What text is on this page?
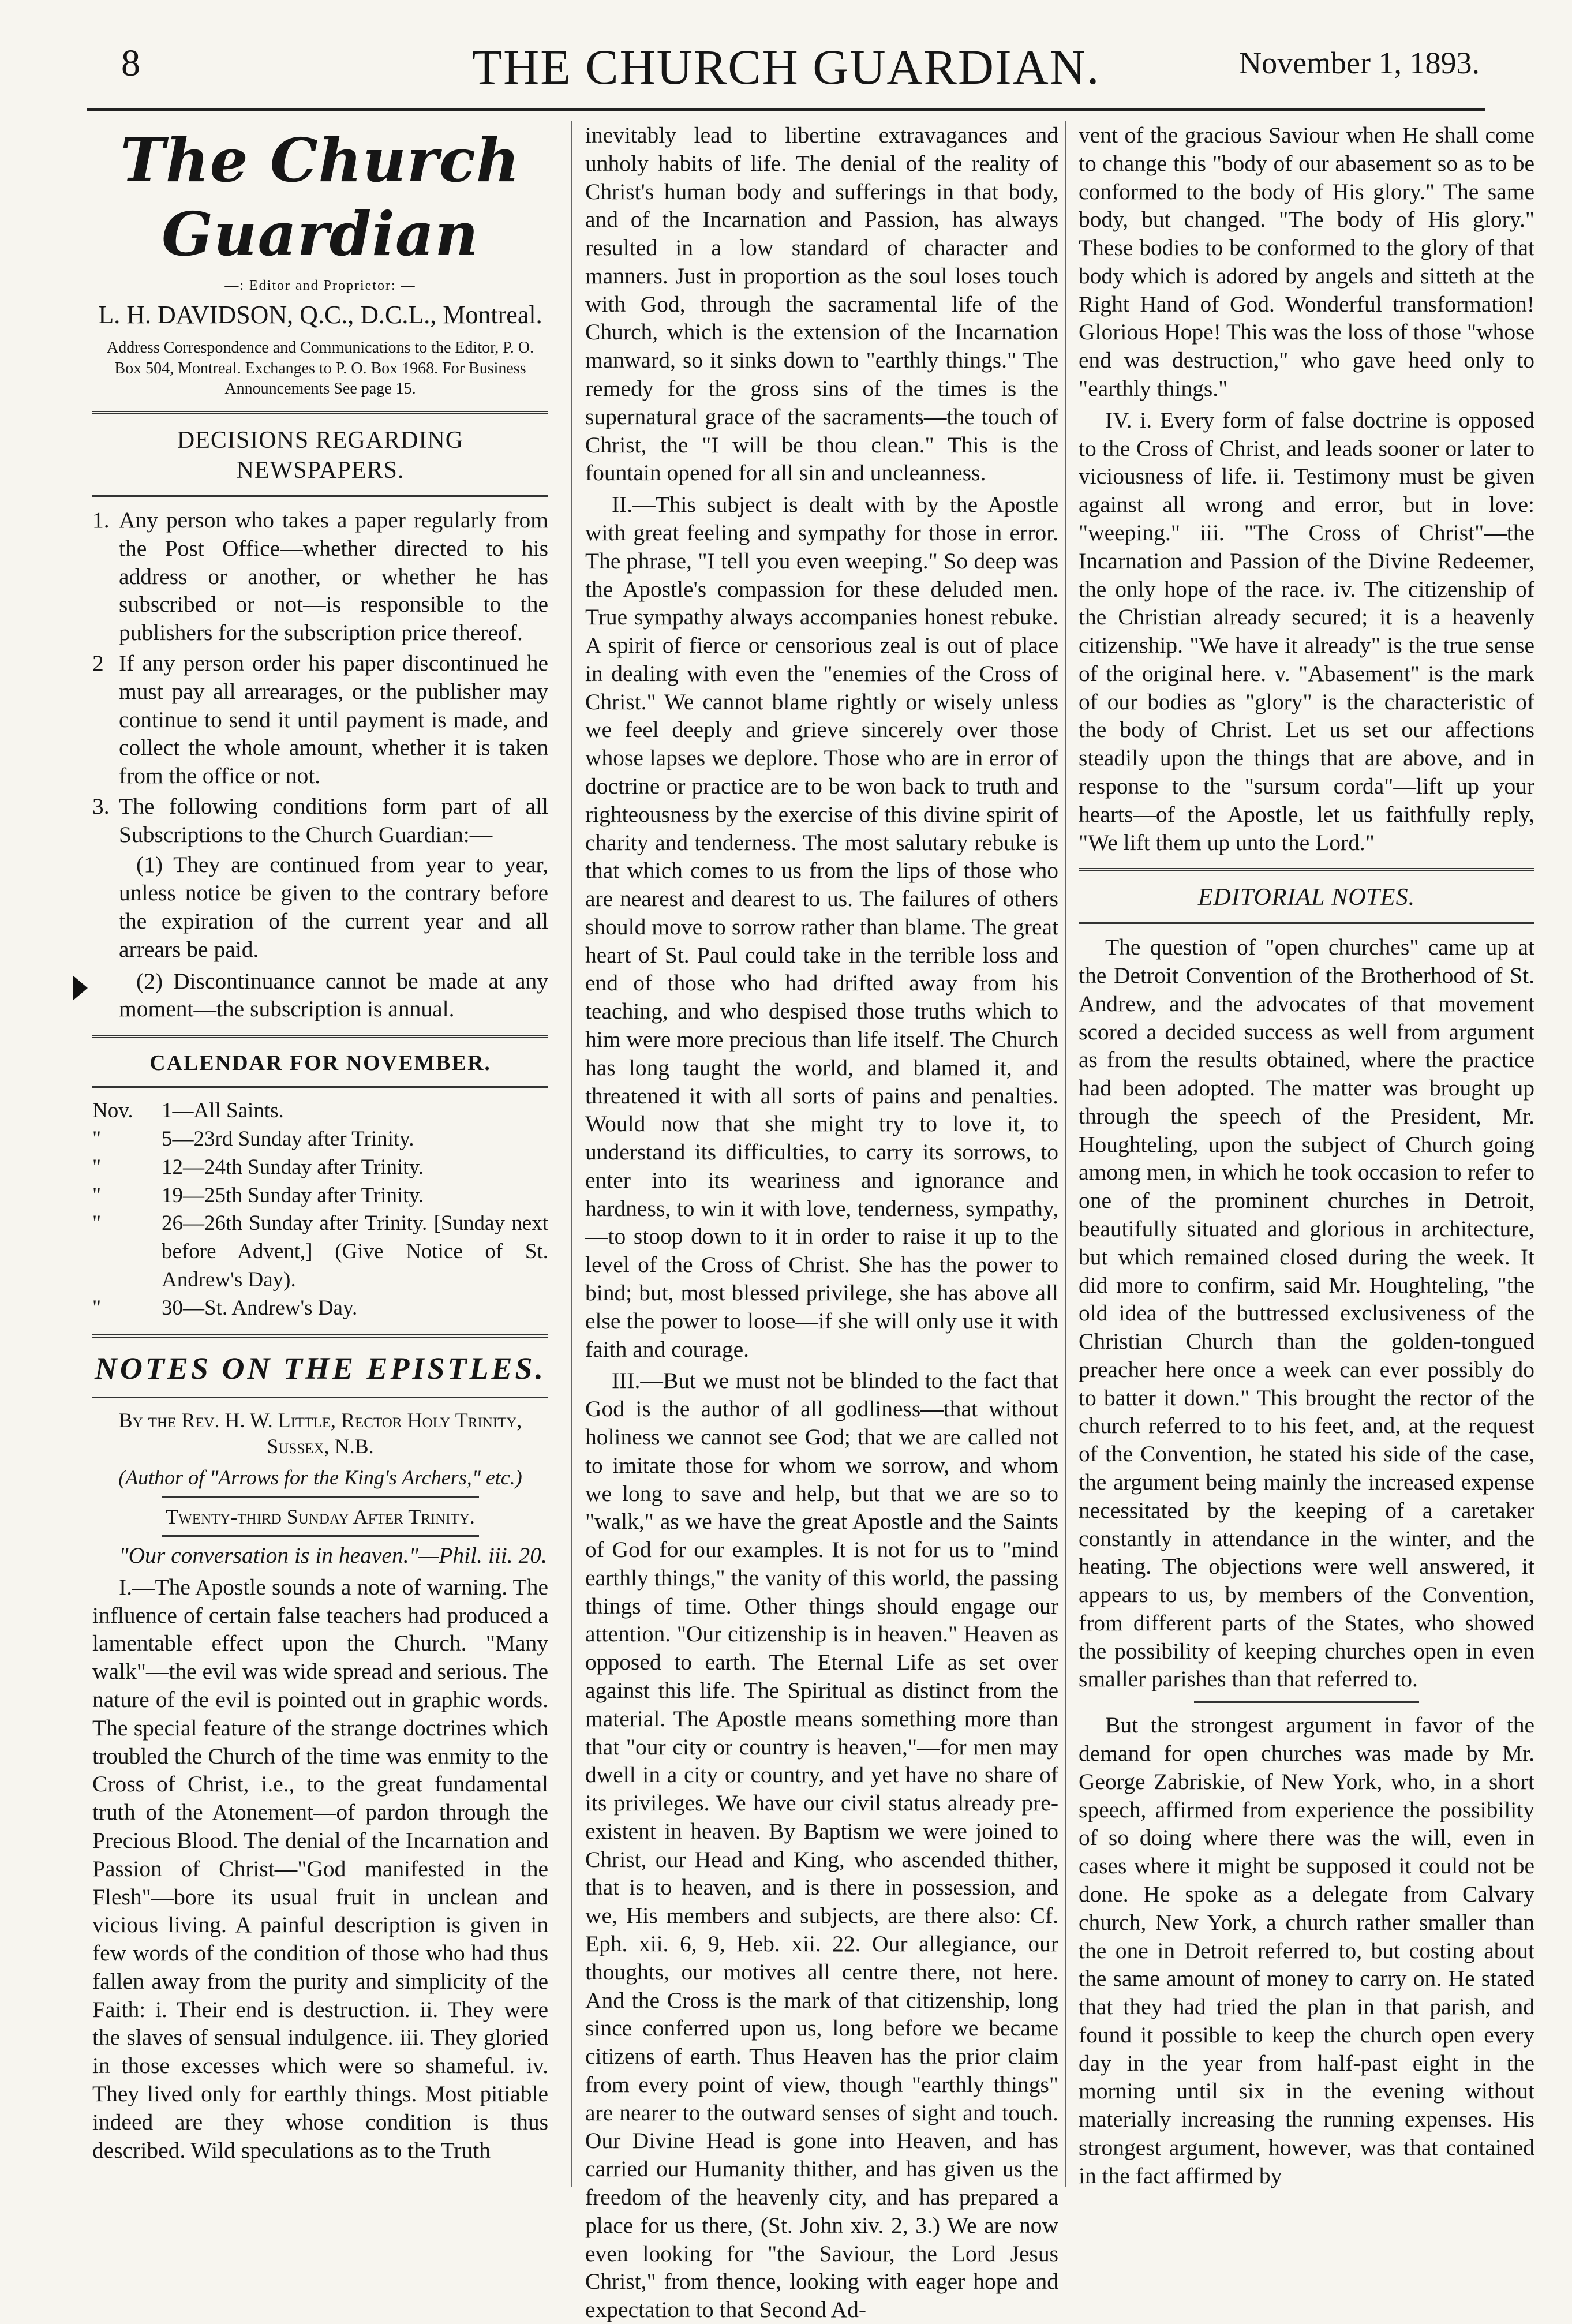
8	THE CHURCH GUARDIAN.	November 1, 1893.
The Church Guardian
—: Editor and Proprietor: —
L. H. DAVIDSON, Q.C., D.C.L., Montreal.
Address Correspondence and Communications to the Editor, P. O. Box 504, Montreal. Exchanges to P. O. Box 1968. For Business Announcements See page 15.
DECISIONS REGARDING NEWSPAPERS.
1. Any person who takes a paper regularly from the Post Office—whether directed to his address or another, or whether he has subscribed or not—is responsible to the publishers for the subscription price thereof.
2 If any person order his paper discontinued he must pay all arrearages, or the publisher may continue to send it until payment is made, and collect the whole amount, whether it is taken from the office or not.
3. The following conditions form part of all Subscriptions to the Church Guardian:—

(1) They are continued from year to year, unless notice be given to the contrary before the expiration of the current year and all arrears be paid.

(2) Discontinuance cannot be made at any moment—the subscription is annual.

CALENDAR FOR NOVEMBER.
Nov.	1—All Saints.
"	5—23rd Sunday after Trinity.
"	12—24th Sunday after Trinity.
"	19—25th Sunday after Trinity.
"	26—26th Sunday after Trinity. [Sunday next before Advent,] (Give Notice of St. Andrew's Day).
"	30—St. Andrew's Day.
NOTES ON THE EPISTLES.
By the Rev. H. W. Little, Rector Holy Trinity, Sussex, N.B.
(Author of "Arrows for the King's Archers," etc.)
Twenty-third Sunday After Trinity.

"Our conversation is in heaven."—Phil. iii. 20.

I.—The Apostle sounds a note of warning. The influence of certain false teachers had produced a lamentable effect upon the Church. "Many walk"—the evil was wide spread and serious. The nature of the evil is pointed out in graphic words. The special feature of the strange doctrines which troubled the Church of the time was enmity to the Cross of Christ, i.e., to the great fundamental truth of the Atonement—of pardon through the Precious Blood. The denial of the Incarnation and Passion of Christ—"God manifested in the Flesh"—bore its usual fruit in unclean and vicious living. A painful description is given in few words of the condition of those who had thus fallen away from the purity and simplicity of the Faith: i. Their end is destruction. ii. They were the slaves of sensual indulgence. iii. They gloried in those excesses which were so shameful. iv. They lived only for earthly things. Most pitiable indeed are they whose condition is thus described. Wild speculations as to the Truth

inevitably lead to libertine extravagances and unholy habits of life. The denial of the reality of Christ's human body and sufferings in that body, and of the Incarnation and Passion, has always resulted in a low standard of character and manners. Just in proportion as the soul loses touch with God, through the sacramental life of the Church, which is the extension of the Incarnation manward, so it sinks down to "earthly things." The remedy for the gross sins of the times is the supernatural grace of the sacraments—the touch of Christ, the "I will be thou clean." This is the fountain opened for all sin and uncleanness.

II.—This subject is dealt with by the Apostle with great feeling and sympathy for those in error. The phrase, "I tell you even weeping." So deep was the Apostle's compassion for these deluded men. True sympathy always accompanies honest rebuke. A spirit of fierce or censorious zeal is out of place in dealing with even the "enemies of the Cross of Christ." We cannot blame rightly or wisely unless we feel deeply and grieve sincerely over those whose lapses we deplore. Those who are in error of doctrine or practice are to be won back to truth and righteousness by the exercise of this divine spirit of charity and tenderness. The most salutary rebuke is that which comes to us from the lips of those who are nearest and dearest to us. The failures of others should move to sorrow rather than blame. The great heart of St. Paul could take in the terrible loss and end of those who had drifted away from his teaching, and who despised those truths which to him were more precious than life itself. The Church has long taught the world, and blamed it, and threatened it with all sorts of pains and penalties. Would now that she might try to love it, to understand its difficulties, to carry its sorrows, to enter into its weariness and ignorance and hardness, to win it with love, tenderness, sympathy,—to stoop down to it in order to raise it up to the level of the Cross of Christ. She has the power to bind; but, most blessed privilege, she has above all else the power to loose—if she will only use it with faith and courage.

III.—But we must not be blinded to the fact that God is the author of all godliness—that without holiness we cannot see God; that we are called not to imitate those for whom we sorrow, and whom we long to save and help, but that we are so to "walk," as we have the great Apostle and the Saints of God for our examples. It is not for us to "mind earthly things," the vanity of this world, the passing things of time. Other things should engage our attention. "Our citizenship is in heaven." Heaven as opposed to earth. The Eternal Life as set over against this life. The Spiritual as distinct from the material. The Apostle means something more than that "our city or country is heaven,"—for men may dwell in a city or country, and yet have no share of its privileges. We have our civil status already pre-existent in heaven. By Baptism we were joined to Christ, our Head and King, who ascended thither, that is to heaven, and is there in possession, and we, His members and subjects, are there also: Cf. Eph. xii. 6, 9, Heb. xii. 22. Our allegiance, our thoughts, our motives all centre there, not here. And the Cross is the mark of that citizenship, long since conferred upon us, long before we became citizens of earth. Thus Heaven has the prior claim from every point of view, though "earthly things" are nearer to the outward senses of sight and touch. Our Divine Head is gone into Heaven, and has carried our Humanity thither, and has given us the freedom of the heavenly city, and has prepared a place for us there, (St. John xiv. 2, 3.) We are now even looking for "the Saviour, the Lord Jesus Christ," from thence, looking with eager hope and expectation to that Second Ad-

vent of the gracious Saviour when He shall come to change this "body of our abasement so as to be conformed to the body of His glory." The same body, but changed. "The body of His glory." These bodies to be conformed to the glory of that body which is adored by angels and sitteth at the Right Hand of God. Wonderful transformation! Glorious Hope! This was the loss of those "whose end was destruction," who gave heed only to "earthly things."

IV. i. Every form of false doctrine is opposed to the Cross of Christ, and leads sooner or later to viciousness of life. ii. Testimony must be given against all wrong and error, but in love: "weeping." iii. "The Cross of Christ"—the Incarnation and Passion of the Divine Redeemer, the only hope of the race. iv. The citizenship of the Christian already secured; it is a heavenly citizenship. "We have it already" is the true sense of the original here. v. "Abasement" is the mark of our bodies as "glory" is the characteristic of the body of Christ. Let us set our affections steadily upon the things that are above, and in response to the "sursum corda"—lift up your hearts—of the Apostle, let us faithfully reply, "We lift them up unto the Lord."

EDITORIAL NOTES.

The question of "open churches" came up at the Detroit Convention of the Brotherhood of St. Andrew, and the advocates of that movement scored a decided success as well from argument as from the results obtained, where the practice had been adopted. The matter was brought up through the speech of the President, Mr. Houghteling, upon the subject of Church going among men, in which he took occasion to refer to one of the prominent churches in Detroit, beautifully situated and glorious in architecture, but which remained closed during the week. It did more to confirm, said Mr. Houghteling, "the old idea of the buttressed exclusiveness of the Christian Church than the golden-tongued preacher here once a week can ever possibly do to batter it down." This brought the rector of the church referred to to his feet, and, at the request of the Convention, he stated his side of the case, the argument being mainly the increased expense necessitated by the keeping of a caretaker constantly in attendance in the winter, and the heating. The objections were well answered, it appears to us, by members of the Convention, from different parts of the States, who showed the possibility of keeping churches open in even smaller parishes than that referred to.

But the strongest argument in favor of the demand for open churches was made by Mr. George Zabriskie, of New York, who, in a short speech, affirmed from experience the possibility of so doing where there was the will, even in cases where it might be supposed it could not be done. He spoke as a delegate from Calvary church, New York, a church rather smaller than the one in Detroit referred to, but costing about the same amount of money to carry on. He stated that they had tried the plan in that parish, and found it possible to keep the church open every day in the year from half-past eight in the morning until six in the evening without materially increasing the running expenses. His strongest argument, however, was that contained in the fact affirmed by
